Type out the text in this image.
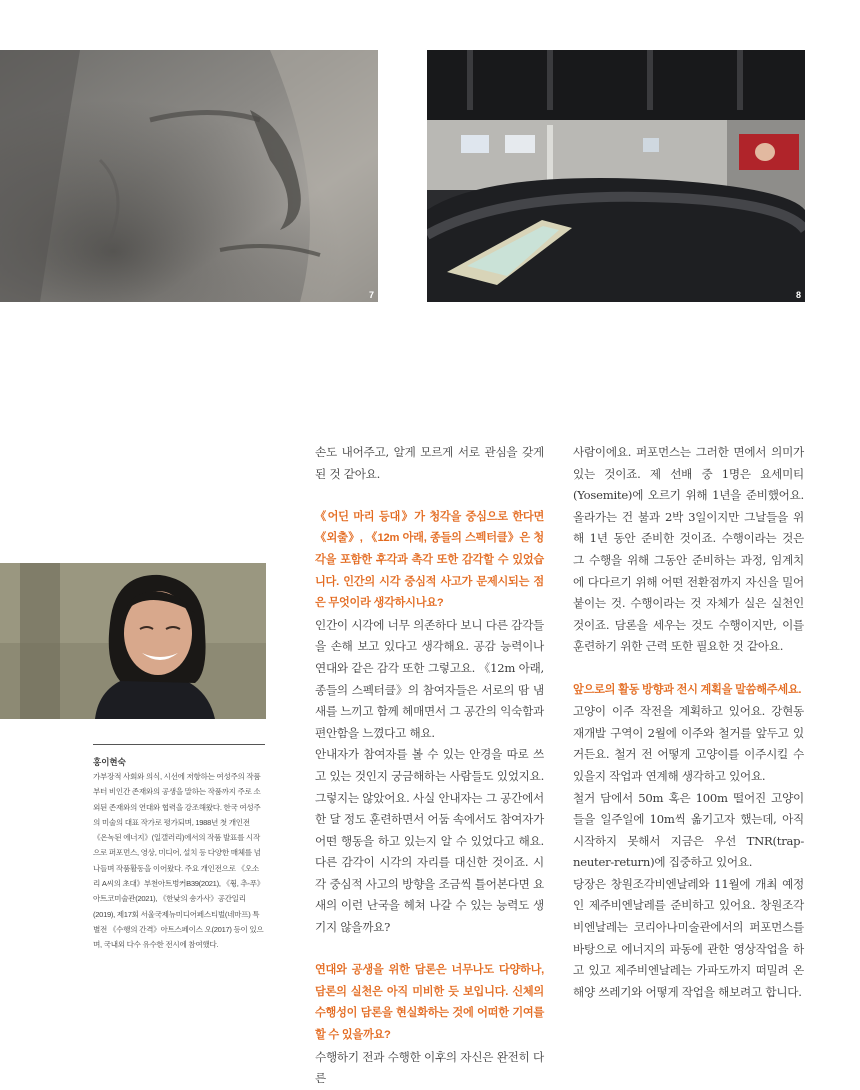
7	8
홍이현숙

가부장적 사회와 의식, 시선에 저항하는 여성주의 작품부터 비인간 존재와의 공생을 말하는 작품까지 주로 소외된 존재와의 연대와 협력을 강조해왔다. 한국 여성주의 미술의 대표 작가로 평가되며, 1988년 첫 개인전 《온녹된 에너지》(일갤러리)에서의 작품 발표를 시작으로 퍼포먼스, 영상, 미디어, 설치 등 다양한 매체를 넘나들며 작품활동을 이어왔다. 주요 개인전으로 《오소리 A씨의 초대》부천아트벙커B39(2021), 《휭, 추-푸》아트코미술관(2021), 《한낮의 숑가사》공간일리(2019), 제17회 서울국제뉴미디어페스티벌(네마프) 특별전 《수행의 간격》아트스페이스 오(2017) 등이 있으며, 국내외 다수 유수한 전시에 참여했다.

손도 내어주고, 알게 모르게 서로 관심을 갖게 된 것 같아요.

《어딘 마리 등대》가 청각을 중심으로 한다면 《외출》, 《12m 아래, 종들의 스펙터클》은 청각을 포함한 후각과 촉각 또한 감각할 수 있었습니다. 인간의 시각 중심적 사고가 문제시되는 점은 무엇이라 생각하시나요?

인간이 시각에 너무 의존하다 보니 다른 감각들을 손해 보고 있다고 생각해요. 공감 능력이나 연대와 같은 감각 또한 그렇고요. 《12m 아래, 종들의 스펙터클》의 참여자들은 서로의 땀 냄새를 느끼고 함께 헤매면서 그 공간의 익숙함과 편안함을 느꼈다고 해요.

안내자가 참여자를 볼 수 있는 안경을 따로 쓰고 있는 것인지 궁금해하는 사람들도 있었지요. 그렇지는 않았어요. 사실 안내자는 그 공간에서 한 달 정도 훈련하면서 어둠 속에서도 참여자가 어떤 행동을 하고 있는지 알 수 있었다고 해요. 다른 감각이 시각의 자리를 대신한 것이죠. 시각 중심적 사고의 방향을 조금씩 틀어본다면 요새의 이런 난국을 헤쳐 나갈 수 있는 능력도 생기지 않을까요?

연대와 공생을 위한 담론은 너무나도 다양하나, 담론의 실천은 아직 미비한 듯 보입니다. 신체의 수행성이 담론을 현실화하는 것에 어떠한 기여를 할 수 있을까요?

수행하기 전과 수행한 이후의 자신은 완전히 다른

사람이에요. 퍼포먼스는 그러한 면에서 의미가 있는 것이죠. 제 선배 중 1명은 요세미티(Yosemite)에 오르기 위해 1년을 준비했어요. 올라가는 건 불과 2박 3일이지만 그날들을 위해 1년 동안 준비한 것이죠. 수행이라는 것은 그 수행을 위해 그동안 준비하는 과정, 임계치에 다다르기 위해 어떤 전환점까지 자신을 밀어붙이는 것. 수행이라는 것 자체가 실은 실천인 것이죠. 담론을 세우는 것도 수행이지만, 이를 훈련하기 위한 근력 또한 필요한 것 같아요.

앞으로의 활동 방향과 전시 계획을 말씀해주세요.

고양이 이주 작전을 계획하고 있어요. 강현동 재개발 구역이 2월에 이주와 철거를 앞두고 있거든요. 철거 전 어떻게 고양이를 이주시킬 수 있을지 작업과 연계해 생각하고 있어요.

철거 담에서 50m 혹은 100m 떨어진 고양이들을 일주일에 10m씩 옮기고자 했는데, 아직 시작하지 못해서 지금은 우선 TNR(trap-neuter-return)에 집중하고 있어요.

당장은 창원조각비엔날레와 11월에 개최 예정인 제주비엔날레를 준비하고 있어요. 창원조각비엔날레는 코리아나미술관에서의 퍼포먼스를 바탕으로 에너지의 파동에 관한 영상작업을 하고 있고 제주비엔날레는 가파도까지 떠밀려 온 해양 쓰레기와 어떻게 작업을 해보려고 합니다.
